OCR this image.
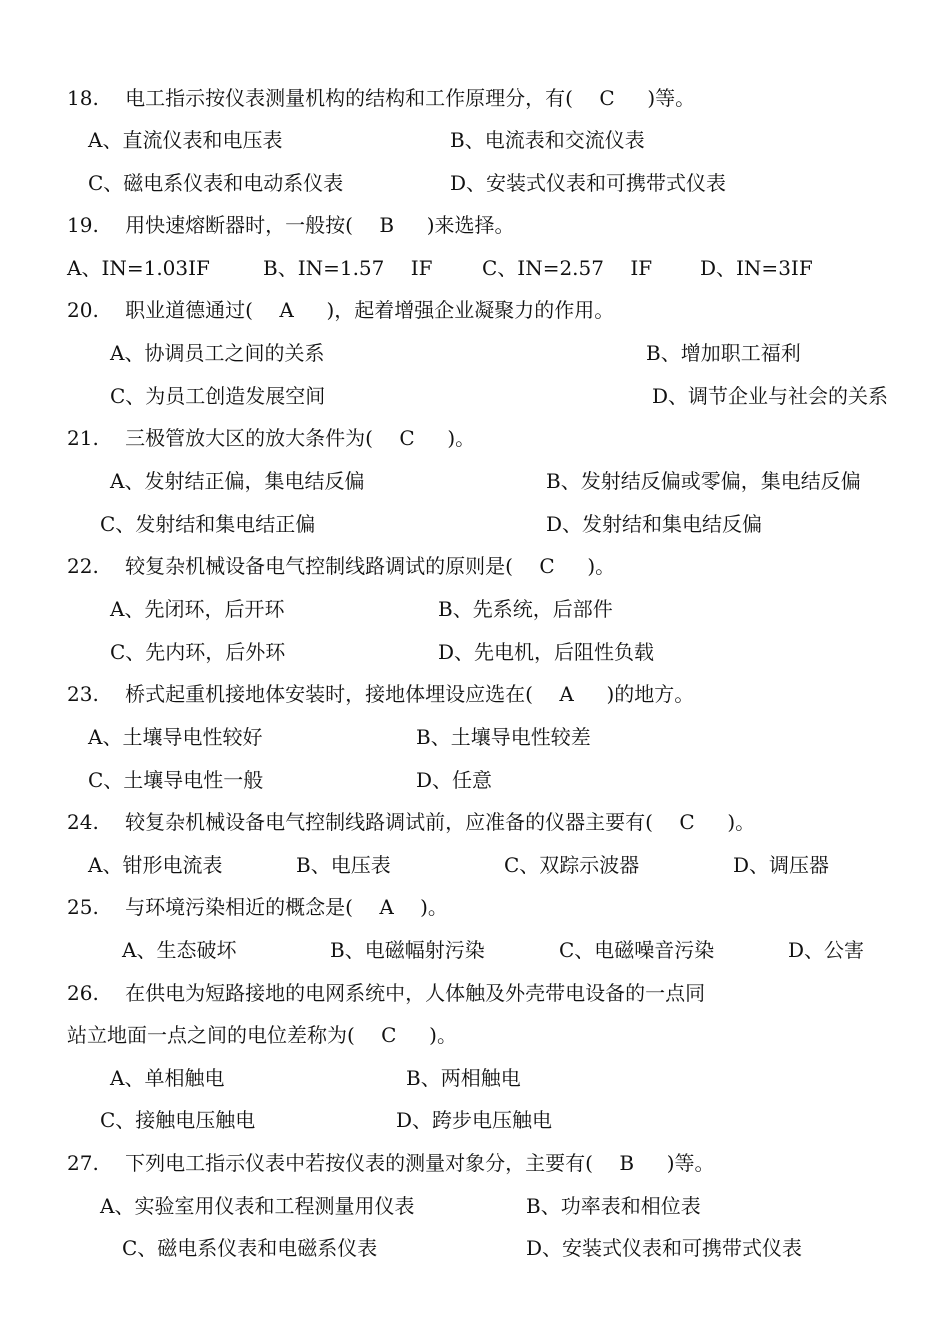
18.　 电工指示按仪表测量机构的结构和工作原理分，有(　 C 　 )等。
A、直流仪表和电压表	B、电流表和交流仪表
C、磁电系仪表和电动系仪表	D、安装式仪表和可携带式仪表
19.　 用快速熔断器时，一般按(　 B 　 )来选择。
A、IN=1.03IF	B、IN=1.57　 IF C、IN=2.57　 IF D、IN=3IF
20.　 职业道德通过(　 A 　 )，起着增强企业凝聚力的作用。
A、协调员工之间的关系	B、增加职工福利
C、为员工创造发展空间	D、调节企业与社会的关系
21.　 三极管放大区的放大条件为(　 C 　 )。
A、发射结正偏，集电结反偏	B、发射结反偏或零偏，集电结反偏
C、发射结和集电结正偏	D、发射结和集电结反偏
22.　 较复杂机械设备电气控制线路调试的原则是(　 C 　 )。
A、先闭环，后开环	B、先系统，后部件
C、先内环，后外环	D、先电机，后阻性负载
23.　 桥式起重机接地体安装时，接地体埋设应选在(　 A 　 )的地方。
A、土壤导电性较好	B、土壤导电性较差
C、土壤导电性一般	D、任意
24.　 较复杂机械设备电气控制线路调试前，应准备的仪器主要有(　 C 　 )。
A、钳形电流表	B、电压表	C、双踪示波器	D、调压器
25.　 与环境污染相近的概念是(　 A 　)。
A、生态破坏	B、电磁幅射污染	C、电磁噪音污染	D、公害
26.　 在供电为短路接地的电网系统中，人体触及外壳带电设备的一点同
站立地面一点之间的电位差称为(　 C 　 )。
A、单相触电	B、两相触电
C、接触电压触电	D、跨步电压触电
27.　 下列电工指示仪表中若按仪表的测量对象分，主要有(　 B 　 )等。
A、实验室用仪表和工程测量用仪表	B、功率表和相位表
C、磁电系仪表和电磁系仪表	D、安装式仪表和可携带式仪表
